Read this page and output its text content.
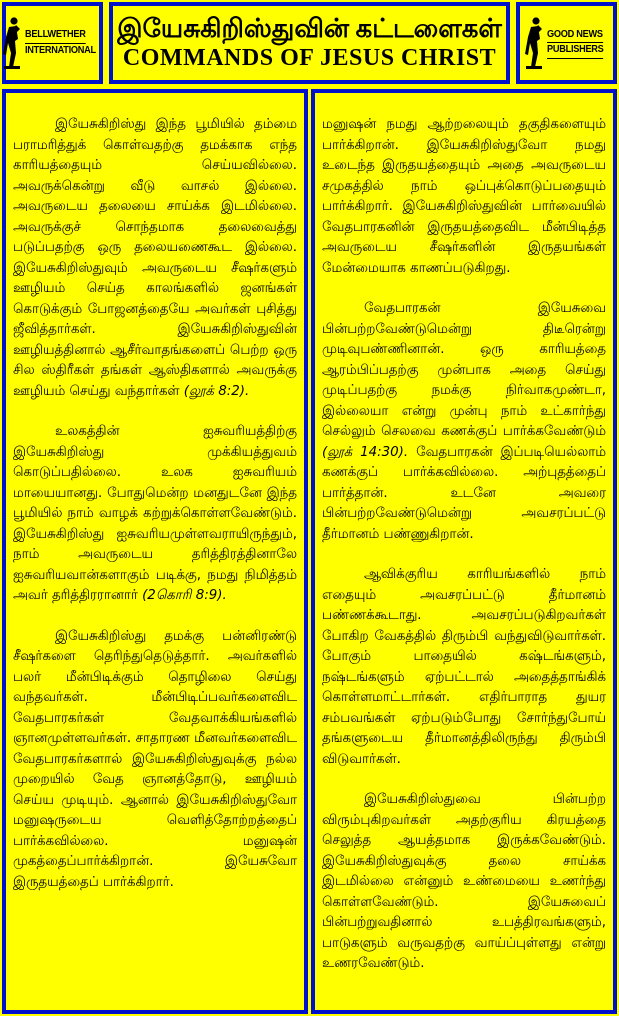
BELLWETHER
INTERNATIONAL
இயேசுகிறிஸ்துவின் கட்டளைகள்
COMMANDS OF JESUS CHRIST
GOOD NEWS
PUBLISHERS

இயேசுகிறிஸ்து இந்த பூமியில் தம்மை பராமரித்துக் கொள்வதற்கு தமக்காக எந்த காரியத்தையும் செய்யவில்லை. அவருக்கென்று வீடு வாசல் இல்லை. அவருடைய தலையை சாய்க்க இடமில்லை. அவருக்குச் சொந்தமாக தலைவைத்து படுப்பதற்கு ஒரு தலையணைகூட இல்லை. இயேசுகிறிஸ்துவும் அவருடைய சீஷர்களும் ஊழியம் செய்த காலங்களில் ஜனங்கள் கொடுக்கும் போஜனத்தையே அவர்கள் புசித்து ஜீவித்தார்கள். இயேசுகிறிஸ்துவின் ஊழியத்தினால் ஆசீர்வாதங்களைப் பெற்ற ஒரு சில ஸ்திரீகள் தங்கள் ஆஸ்திகளால் அவருக்கு ஊழியம் செய்து வந்தார்கள் (லூக் 8:2).

உலகத்தின் ஐசுவரியத்திற்கு இயேசுகிறிஸ்து முக்கியத்துவம் கொடுப்பதில்லை. உலக ஐசுவரியம் மாயையானது. போதுமென்ற மனதுடனே இந்த பூமியில் நாம் வாழக் கற்றுக்கொள்ளவேண்டும். இயேசுகிறிஸ்து ஐசுவரியமுள்ளவராயிருந்தும், நாம் அவருடைய தரித்திரத்தினாலே ஐசுவரியவான்களாகும் படிக்கு, நமது நிமித்தம் அவர் தரித்திரரானார் (2கொரி 8:9).

இயேசுகிறிஸ்து தமக்கு பன்னிரண்டு சீஷர்களை தெரிந்துதெடுத்தார். அவர்களில் பலர் மீன்பிடிக்கும் தொழிலை செய்து வந்தவர்கள். மீன்பிடிப்பவர்களைவிட வேதபாரகர்கள் வேதவாக்கியங்களில் ஞானமுள்ளவர்கள். சாதாரண மீனவர்களைவிட வேதபாரகர்களால் இயேசுகிறிஸ்துவுக்கு நல்ல முறையில் வேத ஞானத்தோடு, ஊழியம் செய்ய முடியும். ஆனால் இயேசுகிறிஸ்துவோ மனுஷருடைய வெளித்தோற்றத்தைப் பார்க்கவில்லை. மனுஷன் முகத்தைப்பார்க்கிறான். இயேசுவோ இருதயத்தைப் பார்க்கிறார்.

மனுஷன் நமது ஆற்றலையும் தகுதிகளையும் பார்க்கிறான். இயேசுகிறிஸ்துவோ நமது உடைந்த இருதயத்தையும் அதை அவருடைய சமுகத்தில் நாம் ஒப்புக்கொடுப்பதையும் பார்க்கிறார். இயேசுகிறிஸ்துவின் பார்வையில் வேதபாரகனின் இருதயத்தைவிட மீன்பிடித்த அவருடைய சீஷர்களின் இருதயங்கள் மேன்மையாக காணப்படுகிறது.

வேதபாரகன் இயேசுவை பின்பற்றவேண்டுமென்று திடீரென்று முடிவுபண்ணினான். ஒரு காரியத்தை ஆரம்பிப்பதற்கு முன்பாக அதை செய்து முடிப்பதற்கு நமக்கு நிர்வாகமுண்டா, இல்லையா என்று முன்பு நாம் உட்கார்ந்து செல்லும் செலவை கணக்குப் பார்க்கவேண்டும் (லூக் 14:30). வேதபாரகன் இப்படியெல்லாம் கணக்குப் பார்க்கவில்லை. அற்புதத்தைப் பார்த்தான். உடனே அவரை பின்பற்றவேண்டுமென்று அவசரப்பட்டு தீர்மானம் பண்ணுகிறான்.

ஆவிக்குரிய காரியங்களில் நாம் எதையும் அவசரப்பட்டு தீர்மானம் பண்ணக்கூடாது. அவசரப்படுகிறவர்கள் போகிற வேகத்தில் திரும்பி வந்துவிடுவார்கள். போகும் பாதையில் கஷ்டங்களும், நஷ்டங்களும் ஏற்பட்டால் அதைத்தாங்கிக் கொள்ளமாட்டார்கள். எதிர்பாராத துயர சம்பவங்கள் ஏற்படும்போது சோர்ந்துபோய் தங்களுடைய தீர்மானத்திலிருந்து திரும்பி விடுவார்கள்.

இயேசுகிறிஸ்துவை பின்பற்ற விரும்புகிறவர்கள் அதற்குரிய கிரயத்தை செலுத்த ஆயத்தமாக இருக்கவேண்டும். இயேசுகிறிஸ்துவுக்கு தலை சாய்க்க இடமில்லை என்னும் உண்மையை உணர்ந்து கொள்ளவேண்டும். இயேசுவைப் பின்பற்றுவதினால் உபத்திரவங்களும், பாடுகளும் வருவதற்கு வாய்ப்புள்ளது என்று உணரவேண்டும்.
